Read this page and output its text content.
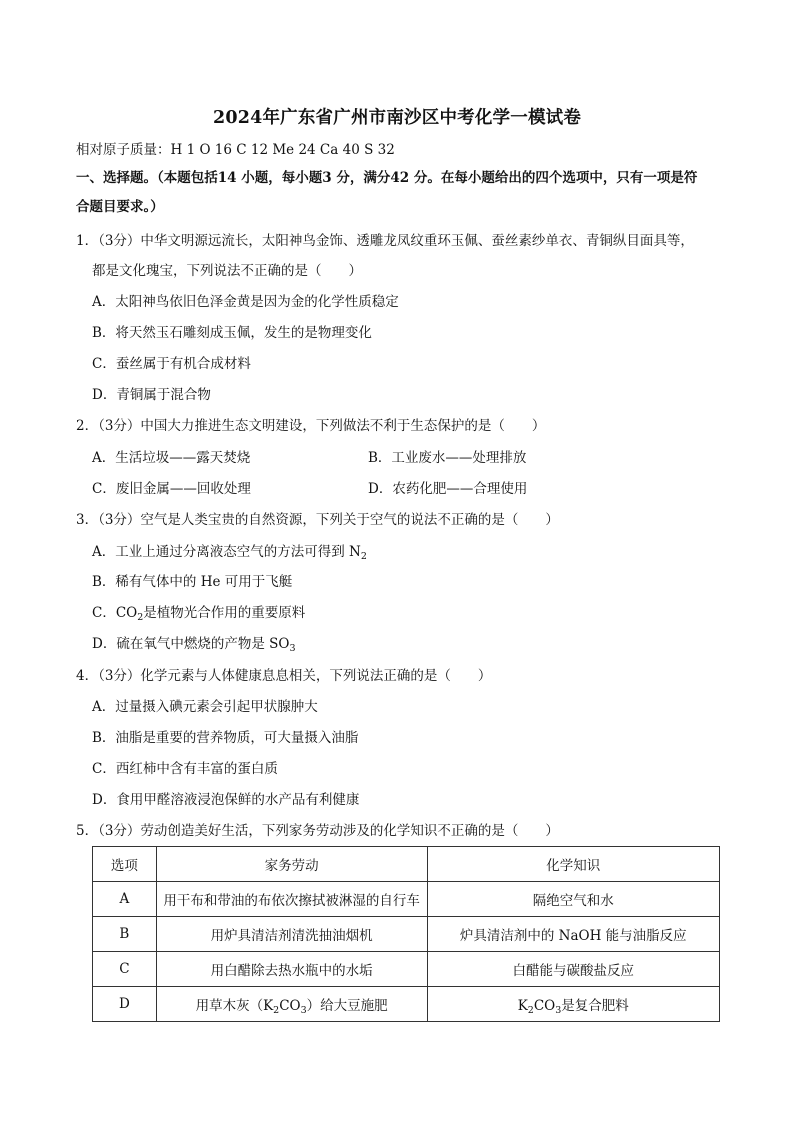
2024年广东省广州市南沙区中考化学一模试卷
相对原子质量：H 1 O 16 C 12 Me 24 Ca 40 S 32
一、选择题。（本题包括14 小题，每小题3 分，满分42 分。在每小题给出的四个选项中，只有一项是符
合题目要求。）
1．（3分）中华文明源远流长，太阳神鸟金饰、透雕龙凤纹重环玉佩、蚕丝素纱单衣、青铜纵目面具等，
都是文化瑰宝，下列说法不正确的是（　　）
A．太阳神鸟依旧色泽金黄是因为金的化学性质稳定
B．将天然玉石雕刻成玉佩，发生的是物理变化
C．蚕丝属于有机合成材料
D．青铜属于混合物
2．（3分）中国大力推进生态文明建设，下列做法不利于生态保护的是（　　）
A．生活垃圾——露天焚烧	B．工业废水——处理排放
C．废旧金属——回收处理	D．农药化肥——合理使用
3．（3分）空气是人类宝贵的自然资源，下列关于空气的说法不正确的是（　　）
A．工业上通过分离液态空气的方法可得到 $N_2$
B．稀有气体中的 He 可用于飞艇
C．$CO_2$是植物光合作用的重要原料
D．硫在氧气中燃烧的产物是 $SO_3$
4．（3分）化学元素与人体健康息息相关，下列说法正确的是（　　）
A．过量摄入碘元素会引起甲状腺肿大
B．油脂是重要的营养物质，可大量摄入油脂
C．西红柿中含有丰富的蛋白质
D．食用甲醛溶液浸泡保鲜的水产品有利健康
5．（3分）劳动创造美好生活，下列家务劳动涉及的化学知识不正确的是（　　）
选项	家务劳动	化学知识
A	用干布和带油的布依次擦拭被淋湿的自行车	隔绝空气和水
B	用炉具清洁剂清洗抽油烟机	炉具清洁剂中的 NaOH 能与油脂反应
C	用白醋除去热水瓶中的水垢	白醋能与碳酸盐反应
D	用草木灰$(K_2CO_3)$给大豆施肥	$K_2CO_3$是复合肥料
